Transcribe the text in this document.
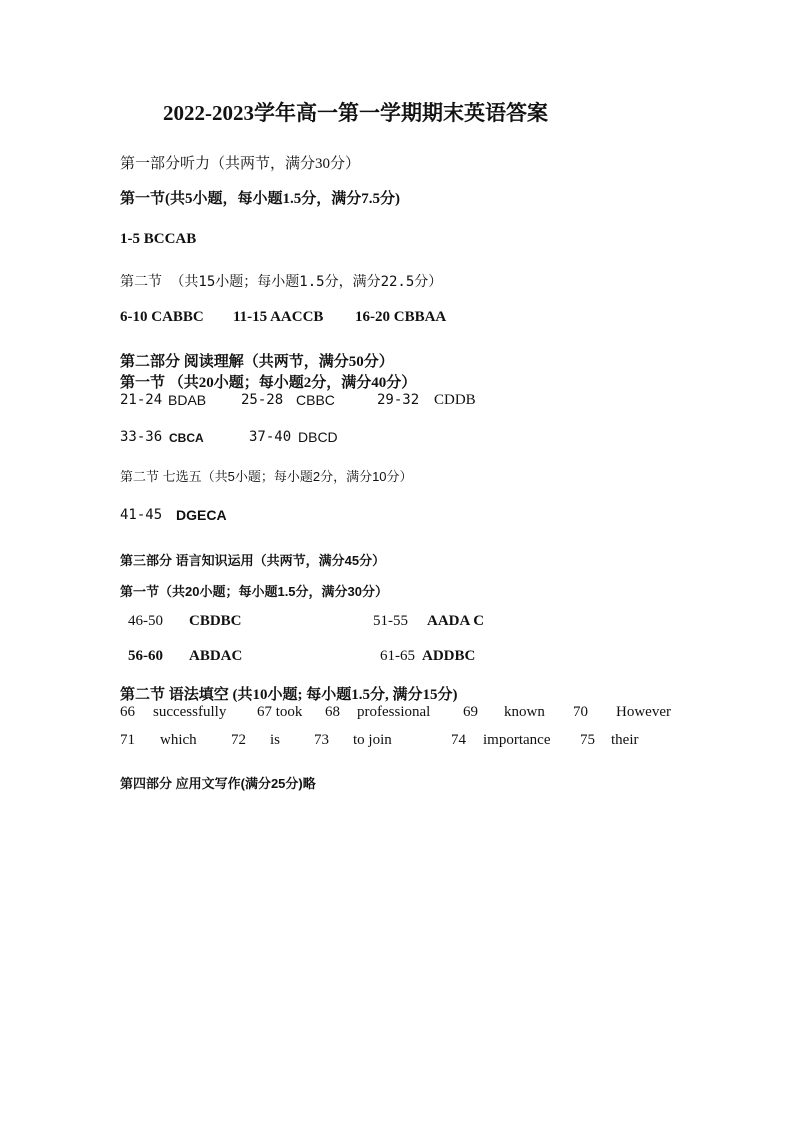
2022-2023学年高一第一学期期末英语答案
第一部分听力（共两节，满分30分）
第一节(共5小题，每小题1.5分，满分7.5分)
1-5 BCCAB
第二节 （共15小题；每小题1.5分，满分22.5分）
6-10 CABBC 11-15 AACCB 16-20 CBBAA
第二部分 阅读理解（共两节，满分50分）
第一节 （共20小题；每小题2分，满分40分）
21-24 BDAB 25-28 CBBC	29-32 CDDB
33-36 CBCA	37-40 DBCD
第二节 七选五（共5小题；每小题2分，满分10分）
41-45 DGECA
第三部分 语言知识运用（共两节，满分45分）
第一节（共20小题；每小题1.5分，满分30分）
46-50 CBDBC	51-55 AADA C
56-60 ABDAC	61-65 ADDBC
第二节 语法填空 (共10小题; 每小题1.5分, 满分15分)
66 successfully 67 took 68 professional 69 known 70 However
71 which 72 is 73 to join	74 importance 75 their
第四部分 应用文写作(满分25分)略
